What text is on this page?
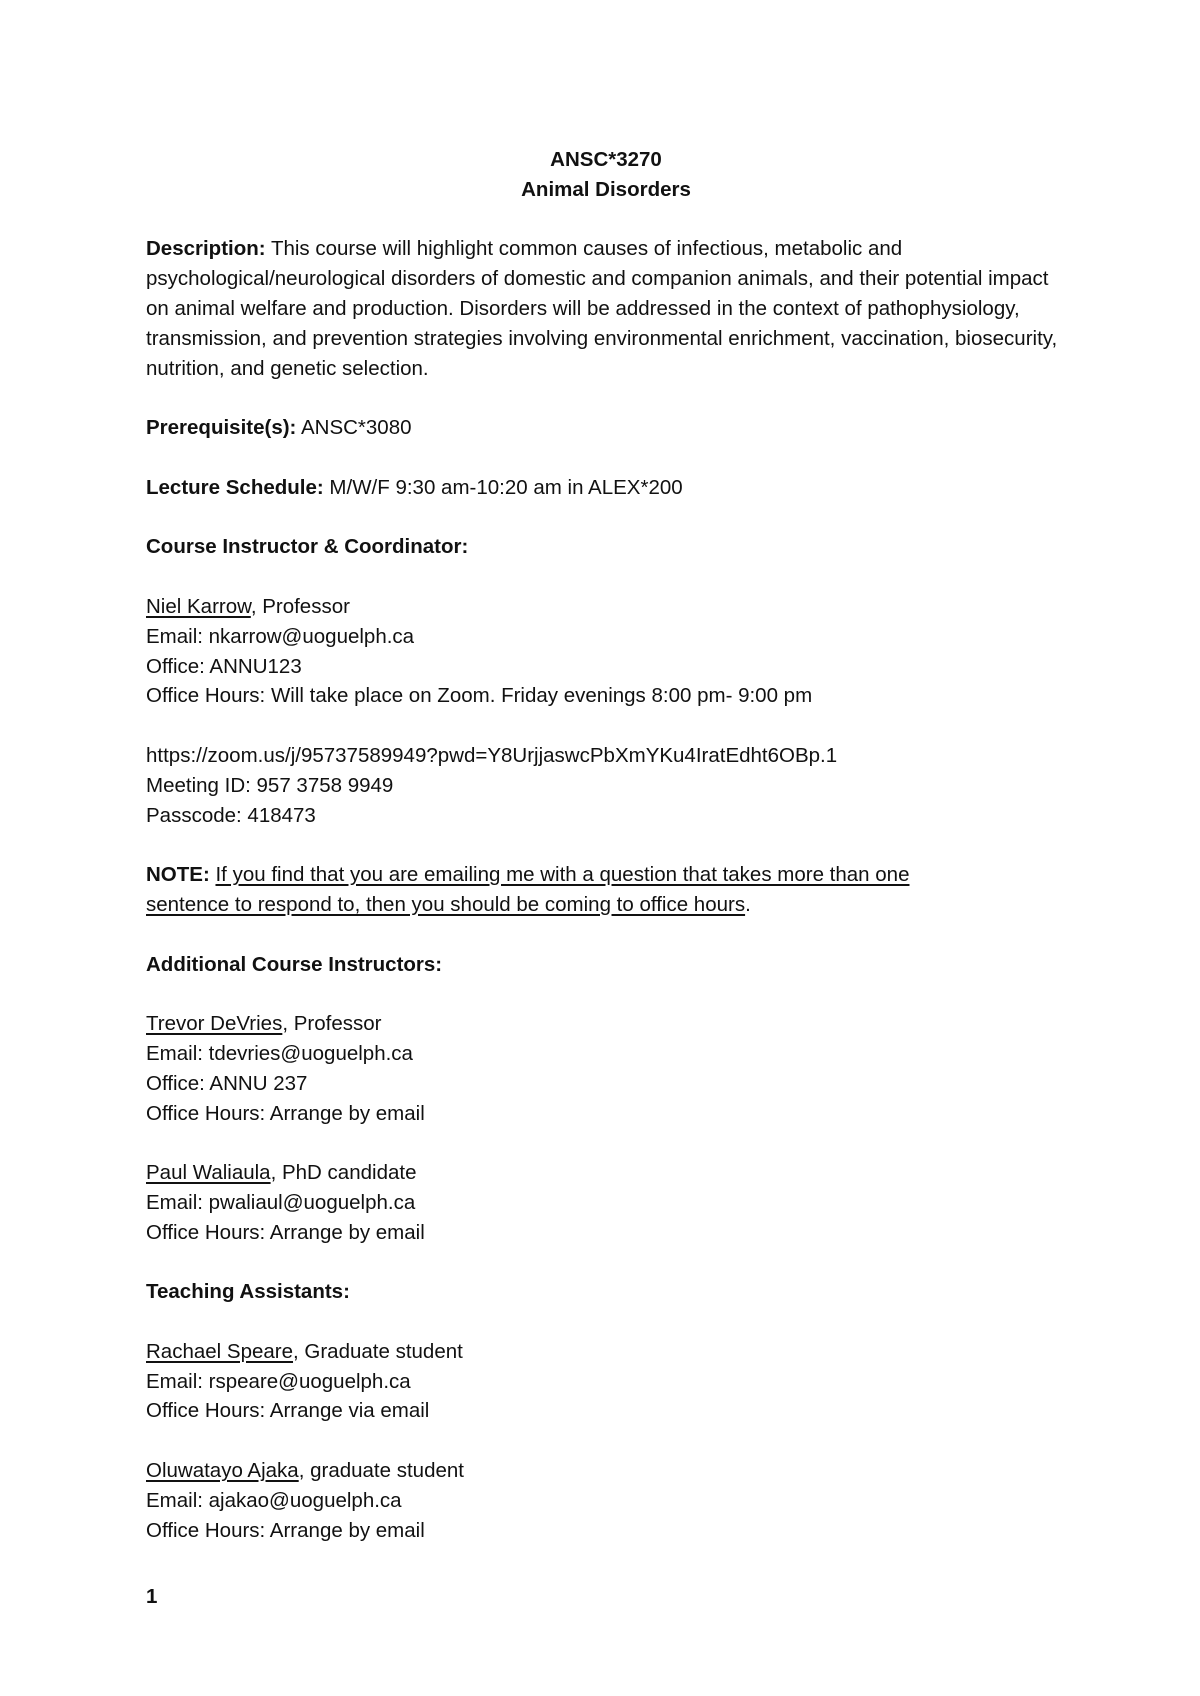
ANSC*3270
Animal Disorders

Description: This course will highlight common causes of infectious, metabolic and psychological/neurological disorders of domestic and companion animals, and their potential impact on animal welfare and production. Disorders will be addressed in the context of pathophysiology, transmission, and prevention strategies involving environmental enrichment, vaccination, biosecurity, nutrition, and genetic selection.

Prerequisite(s): ANSC*3080

Lecture Schedule: M/W/F 9:30 am-10:20 am in ALEX*200

Course Instructor & Coordinator:

Niel Karrow, Professor
Email: nkarrow@uoguelph.ca
Office: ANNU123
Office Hours: Will take place on Zoom. Friday evenings 8:00 pm- 9:00 pm

https://zoom.us/j/95737589949?pwd=Y8UrjjaswcPbXmYKu4IratEdht6OBp.1
Meeting ID: 957 3758 9949
Passcode: 418473

NOTE: If you find that you are emailing me with a question that takes more than one
sentence to respond to, then you should be coming to office hours.

Additional Course Instructors:

Trevor DeVries, Professor
Email: tdevries@uoguelph.ca
Office: ANNU 237
Office Hours: Arrange by email

Paul Waliaula, PhD candidate
Email: pwaliaul@uoguelph.ca
Office Hours: Arrange by email

Teaching Assistants:

Rachael Speare, Graduate student
Email: rspeare@uoguelph.ca
Office Hours: Arrange via email

Oluwatayo Ajaka, graduate student
Email: ajakao@uoguelph.ca
Office Hours: Arrange by email

1
